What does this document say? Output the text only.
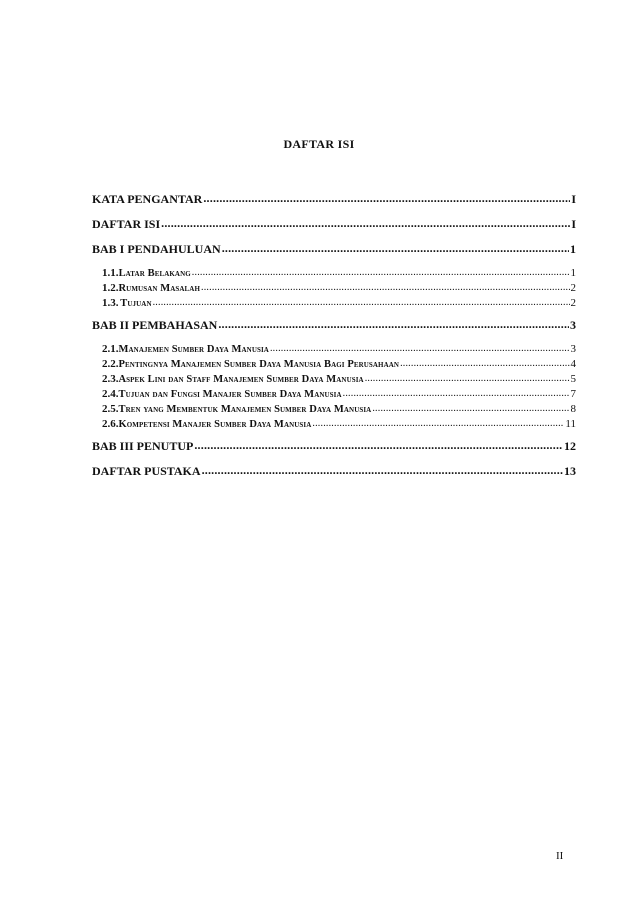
DAFTAR ISI
KATA PENGANTAR .....	I
DAFTAR ISI .....	I
BAB I PENDAHULUAN .....	1
1.1. Latar Belakang .....	1
1.2. Rumusan Masalah .....	2
1.3. Tujuan .....	2
BAB II PEMBAHASAN .....	3
2.1. Manajemen Sumber Daya Manusia .....	3
2.2. Pentingnya Manajemen Sumber Daya Manusia Bagi Perusahaan .....	4
2.3. Aspek Lini dan Staff Manajemen Sumber Daya Manusia .....	5
2.4. Tujuan dan Fungsi Manajer Sumber Daya Manusia .....	7
2.5. Tren yang Membentuk Manajemen Sumber Daya Manusia .....	8
2.6. Kompetensi Manajer Sumber Daya Manusia .....	11
BAB III PENUTUP .....	12
DAFTAR PUSTAKA .....	13
II
